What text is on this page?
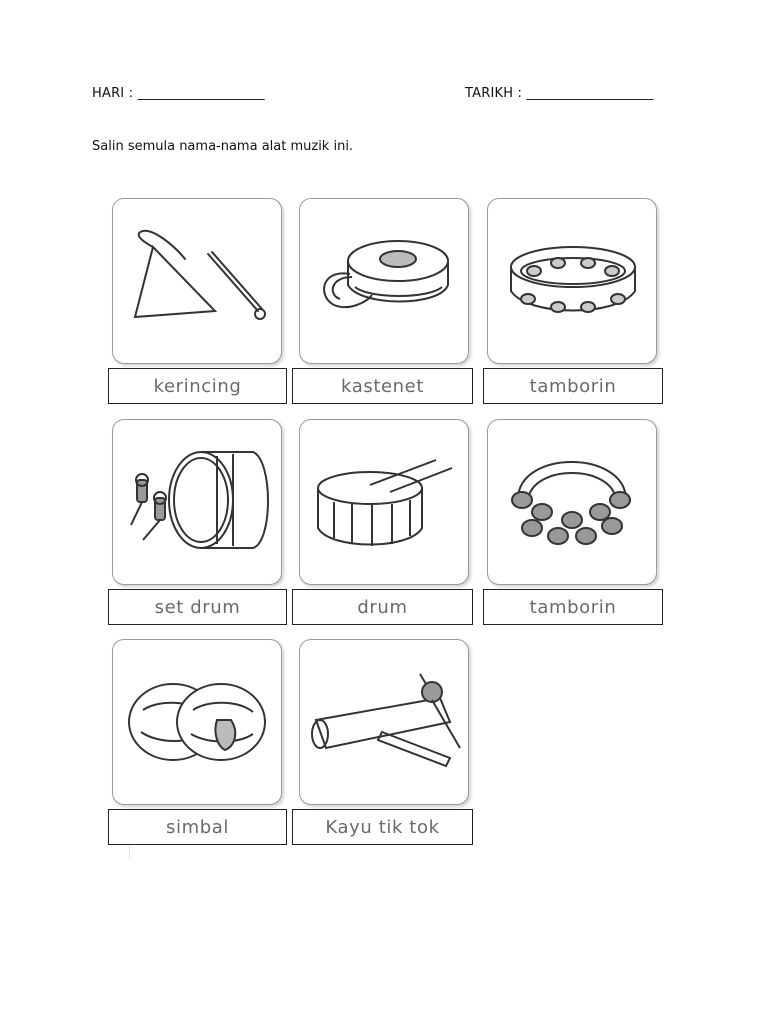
HARI : ___________________	TARIKH : ___________________
Salin semula nama-nama alat muzik ini.
kerincing	kastenet	tamborin
set drum	drum	tamborin
simbal	Kayu tik tok
